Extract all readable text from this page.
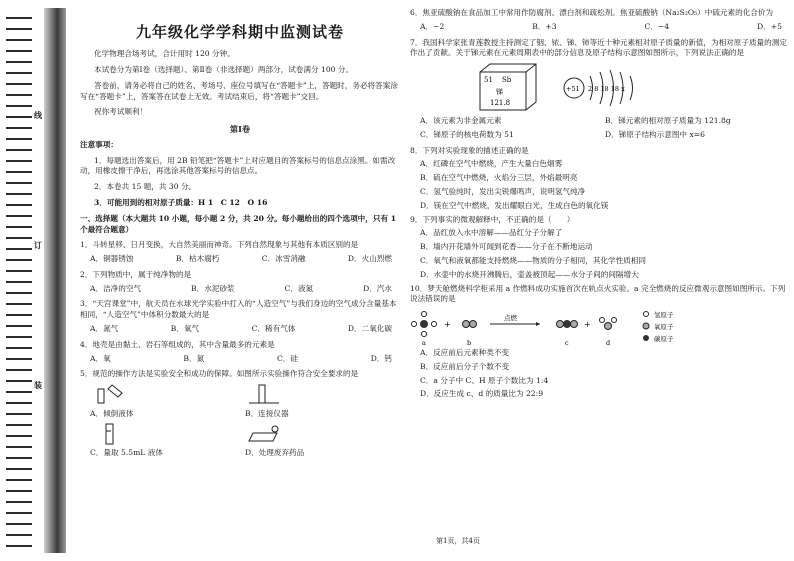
线
订
装
九年级化学学科期中监测试卷

化学物理合场考试，合计用时 120 分钟。

本试卷分为第Ⅰ卷（选择题）、第Ⅱ卷（非选择题）两部分，试卷满分 100 分。

答卷前，请务必将自己的姓名、考场号、座位号填写在“答题卡”上，答题时，务必将答案涂写在“答题卡”上，答案答在试卷上无效。考试结束后，将“答题卡”交回。

祝你考试顺利！

第Ⅰ卷

注意事项：

1．每题选出答案后，用 2B 铅笔把“答题卡”上对应题目的答案标号的信息点涂黑。如需改动，用橡皮擦干净后，再选涂其他答案标号的信息点。

2．本卷共 15 题，共 30 分。

3．可能用到的相对原子质量：H 1　C 12　O 16

一、选择题（本大题共 10 小题，每小题 2 分，共 20 分。每小题给出的四个选项中，只有 1 个最符合题意）

1．斗转星移、日月变换，大自然美丽而神奇。下列自然现象与其他有本质区别的是

A．铜器锈蚀	B．枯木腐朽	C．冰雪消融	D．火山烈燃

2．下列物质中，属于纯净物的是

A．洁净的空气	B．水泥砂浆	C．液氮	D．汽水

3．“天宫课堂”中，航天员在水球光学实验中打入的“人造空气”与我们身边的空气成分含量基本相同，“人造空气”中体积分数最大的是

A．氮气	B．氧气	C．稀有气体	D．二氧化碳

4．地壳是由黏土、岩石等组成的，其中含量最多的元素是

A．氧	B．氮	C．硅	D．钙

5．规范的操作方法是实验安全和成功的保障。如图所示实验操作符合安全要求的是

A．倾倒液体	B．连接仪器
C．量取 5.5mL 液体	D．处理废弃药品

6．焦亚硫酸钠在食品加工中常用作防腐剂、漂白剂和疏松剂。焦亚硫酸钠（Na₂S₂O₅）中硫元素的化合价为

A．−2	B．+3	C．−4	D．+5

7．我国科学家张青莲教授主持测定了铟、铱、锑、铈等近十种元素相对原子质量的新值，为相对原子质量的测定作出了贡献。关于锑元素在元素周期表中的部分信息及原子结构示意图如图所示，下列说法正确的是

51 Sb
锑
121.8
+51 2 8 18 18 x
A．该元素为非金属元素	B．锑元素的相对原子质量为 121.8g
C．锑原子的核电荷数为 51	D．锑原子结构示意图中 x=6

8．下列对实验现象的描述正确的是

A．红磷在空气中燃烧，产生大量白色烟雾

B．硫在空气中燃烧，火焰分三层，外焰最明亮

C．氢气验纯时，发出尖锐爆鸣声，说明氢气纯净

D．镁在空气中燃烧，发出耀眼白光，生成白色的氧化镁

9．下列事实的微观解释中，不正确的是（　　）

A．品红放入水中溶解——品红分子分解了

B．墙内开花墙外可闻到花香——分子在不断地运动

C．氧气和液氧都能支持燃烧——物质的分子相同，其化学性质相同

D．水壶中的水烧开沸腾后，壶盖被顶起——水分子间的间隔增大

10．梦天舱燃烧科学柜采用 a 作燃料成功实施首次在轨点火实验。a 完全燃烧的反应微观示意图如图所示。下列说法错误的是

+
点燃
+
a	b	c	d
氢原子
氧原子
碳原子

A．反应前后元素种类不变

B．反应前后分子个数不变

C．a 分子中 C、H 原子个数比为 1:4

D．反应生成 c、d 的质量比为 22:9

第1页，共4页
